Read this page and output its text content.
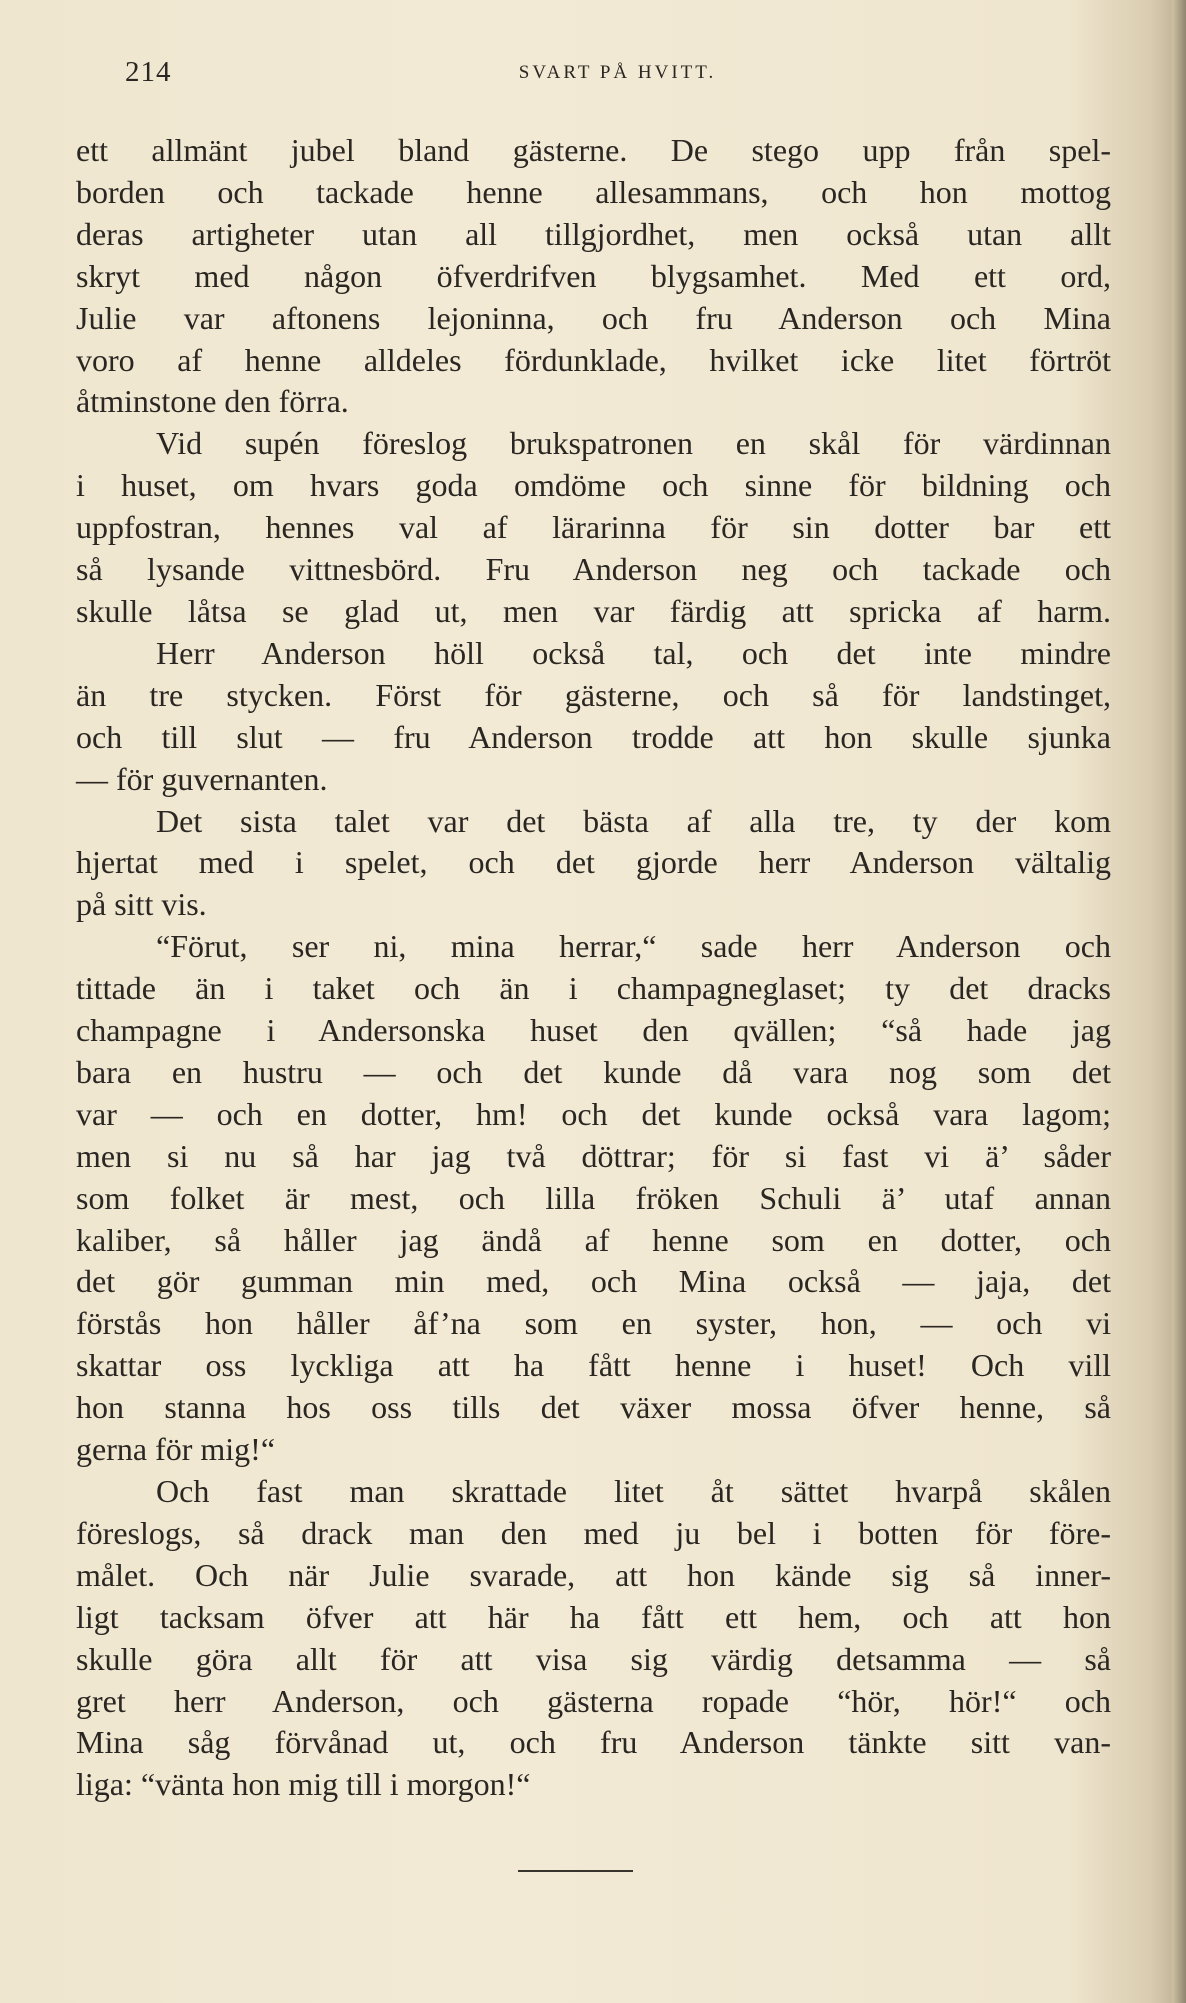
214	SVART PÅ HVITT.
ett allmänt jubel bland gästerne. De stego upp från spel-
borden och tackade henne allesammans, och hon mottog
deras artigheter utan all tillgjordhet, men också utan allt
skryt med någon öfverdrifven blygsamhet. Med ett ord,
Julie var aftonens lejoninna, och fru Anderson och Mina
voro af henne alldeles fördunklade, hvilket icke litet förtröt
åtminstone den förra.
Vid supén föreslog brukspatronen en skål för värdinnan
i huset, om hvars goda omdöme och sinne för bildning och
uppfostran, hennes val af lärarinna för sin dotter bar ett
så lysande vittnesbörd. Fru Anderson neg och tackade och
skulle låtsa se glad ut, men var färdig att spricka af harm.
Herr Anderson höll också tal, och det inte mindre
än tre stycken. Först för gästerne, och så för landstinget,
och till slut — fru Anderson trodde att hon skulle sjunka
— för guvernanten.
Det sista talet var det bästa af alla tre, ty der kom
hjertat med i spelet, och det gjorde herr Anderson vältalig
på sitt vis.
“Förut, ser ni, mina herrar,“ sade herr Anderson och
tittade än i taket och än i champagneglaset; ty det dracks
champagne i Andersonska huset den qvällen; “så hade jag
bara en hustru — och det kunde då vara nog som det
var — och en dotter, hm! och det kunde också vara lagom;
men si nu så har jag två döttrar; för si fast vi ä’ såder
som folket är mest, och lilla fröken Schuli ä’ utaf annan
kaliber, så håller jag ändå af henne som en dotter, och
det gör gumman min med, och Mina också — jaja, det
förstås hon håller åf’na som en syster, hon, — och vi
skattar oss lyckliga att ha fått henne i huset! Och vill
hon stanna hos oss tills det växer mossa öfver henne, så
gerna för mig!“
Och fast man skrattade litet åt sättet hvarpå skålen
föreslogs, så drack man den med ju bel i botten för före-
målet. Och när Julie svarade, att hon kände sig så inner-
ligt tacksam öfver att här ha fått ett hem, och att hon
skulle göra allt för att visa sig värdig detsamma — så
gret herr Anderson, och gästerna ropade “hör, hör!“ och
Mina såg förvånad ut, och fru Anderson tänkte sitt van-
liga: “vänta hon mig till i morgon!“
